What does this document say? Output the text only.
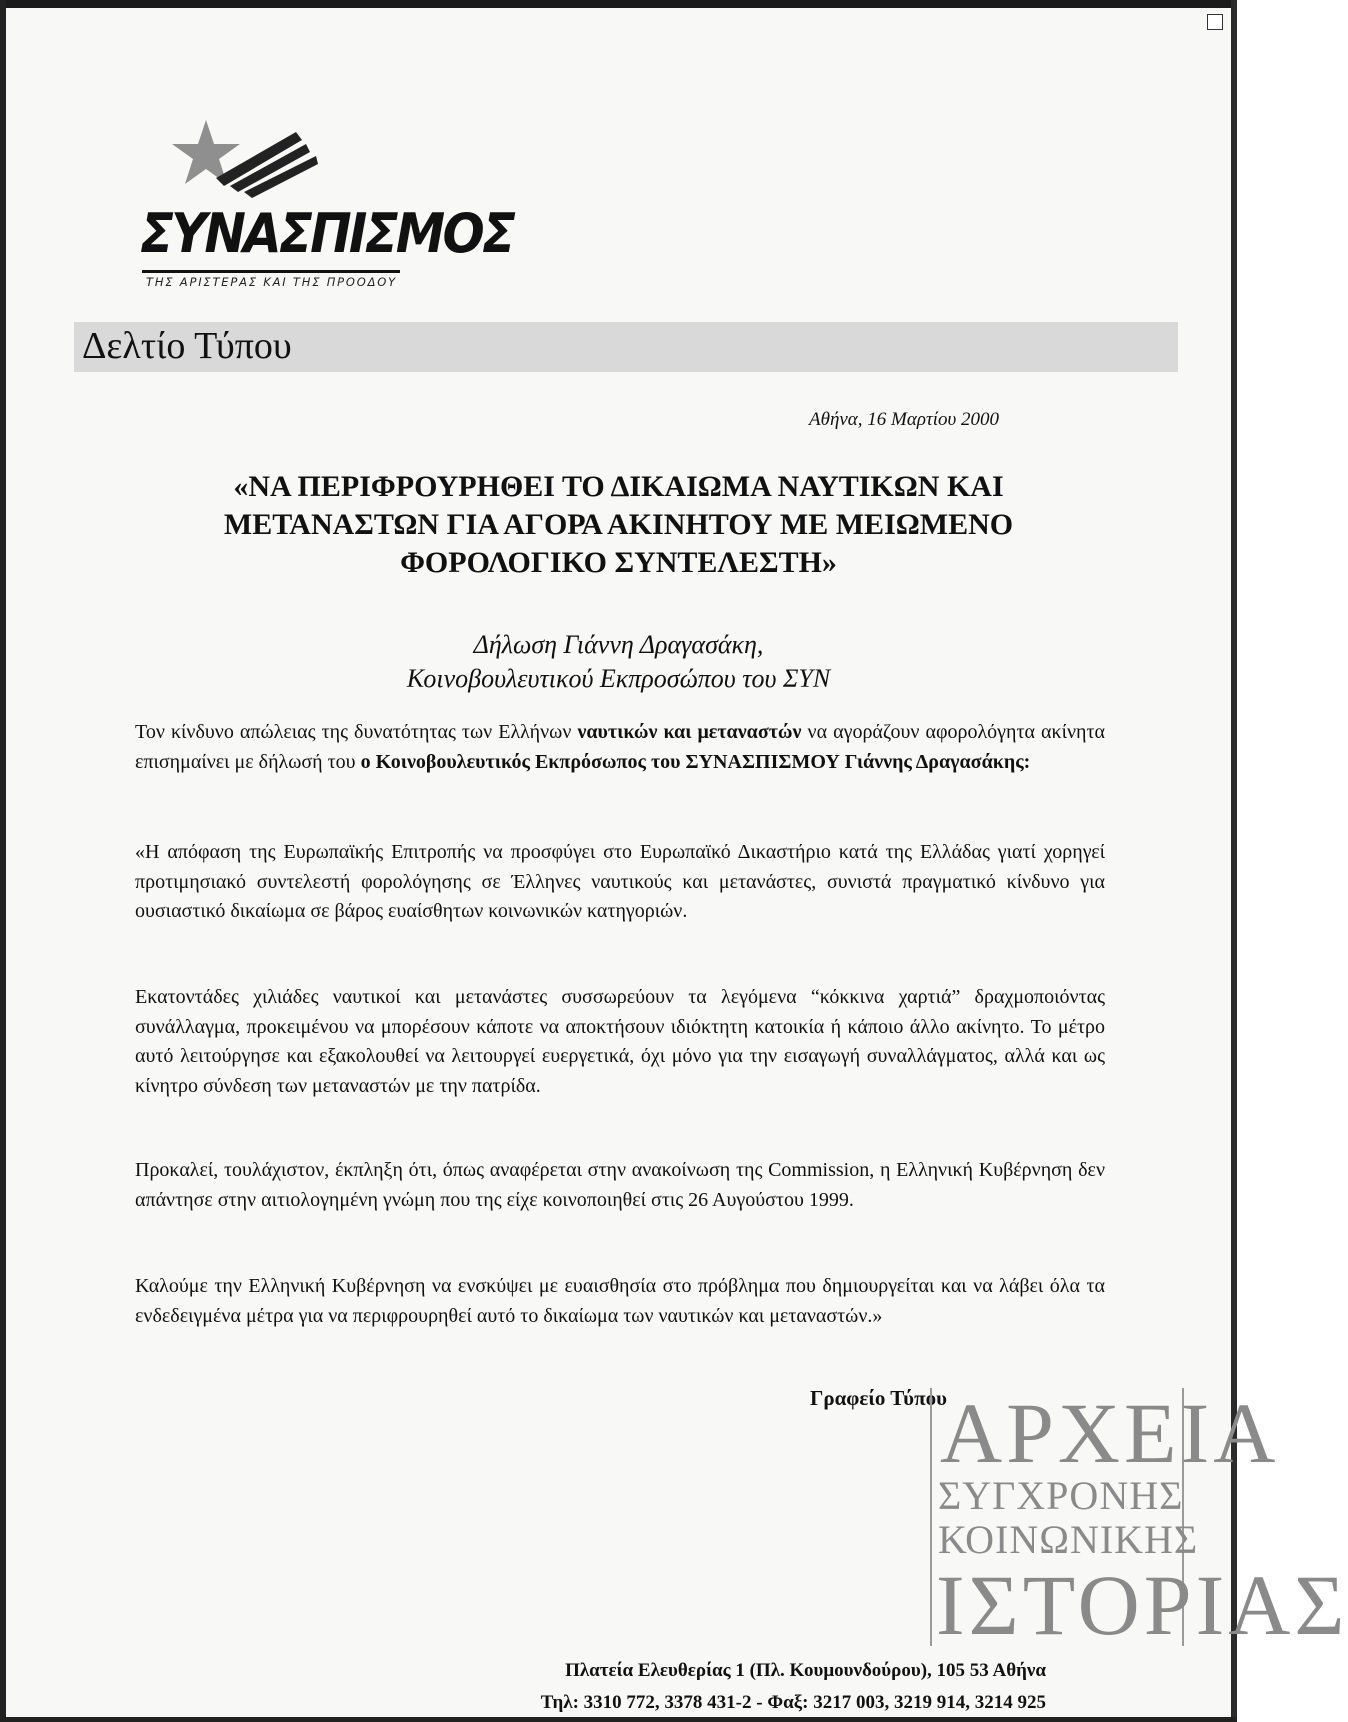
ΣΥΝΑΣΠΙΣΜΟΣ
ΤΗΣ ΑΡΙΣΤΕΡΑΣ ΚΑΙ ΤΗΣ ΠΡΟΟΔΟΥ
Δελτίο Τύπου
Αθήνα, 16 Μαρτίου 2000
«ΝΑ ΠΕΡΙΦΡΟΥΡΗΘΕΙ ΤΟ ΔΙΚΑΙΩΜΑ ΝΑΥΤΙΚΩΝ ΚΑΙ
ΜΕΤΑΝΑΣΤΩΝ ΓΙΑ ΑΓΟΡΑ ΑΚΙΝΗΤΟΥ ΜΕ ΜΕΙΩΜΕΝΟ
ΦΟΡΟΛΟΓΙΚΟ ΣΥΝΤΕΛΕΣΤΗ»
Δήλωση Γιάννη Δραγασάκη,
Κοινοβουλευτικού Εκπροσώπου του ΣΥΝ
Τον κίνδυνο απώλειας της δυνατότητας των Ελλήνων ναυτικών και μεταναστών να αγοράζουν αφορολόγητα ακίνητα επισημαίνει με δήλωσή του ο Κοινοβουλευτικός Εκπρόσωπος του ΣΥΝΑΣΠΙΣΜΟΥ Γιάννης Δραγασάκης:
«Η απόφαση της Ευρωπαϊκής Επιτροπής να προσφύγει στο Ευρωπαϊκό Δικαστήριο κατά της Ελλάδας γιατί χορηγεί προτιμησιακό συντελεστή φορολόγησης σε Έλληνες ναυτικούς και μετανάστες, συνιστά πραγματικό κίνδυνο για ουσιαστικό δικαίωμα σε βάρος ευαίσθητων κοινωνικών κατηγοριών.
Εκατοντάδες χιλιάδες ναυτικοί και μετανάστες συσσωρεύουν τα λεγόμενα “κόκκινα χαρτιά” δραχμοποιόντας συνάλλαγμα, προκειμένου να μπορέσουν κάποτε να αποκτήσουν ιδιόκτητη κατοικία ή κάποιο άλλο ακίνητο. Το μέτρο αυτό λειτούργησε και εξακολουθεί να λειτουργεί ευεργετικά, όχι μόνο για την εισαγωγή συναλλάγματος, αλλά και ως κίνητρο σύνδεση των μεταναστών με την πατρίδα.
Προκαλεί, τουλάχιστον, έκπληξη ότι, όπως αναφέρεται στην ανακοίνωση της Commission, η Ελληνική Κυβέρνηση δεν απάντησε στην αιτιολογημένη γνώμη που της είχε κοινοποιηθεί στις 26 Αυγούστου 1999.
Καλούμε την Ελληνική Κυβέρνηση να ενσκύψει με ευαισθησία στο πρόβλημα που δημιουργείται και να λάβει όλα τα ενδεδειγμένα μέτρα για να περιφρουρηθεί αυτό το δικαίωμα των ναυτικών και μεταναστών.»
Γραφείο Τύπου
ΑΡΧΕΙΑ
ΣΥΓΧΡΟΝΗΣ
ΚΟΙΝΩΝΙΚΗΣ
ΙΣΤΟΡΙΑΣ
Πλατεία Ελευθερίας 1 (Πλ. Κουμουνδούρου), 105 53 Αθήνα
Τηλ: 3310 772, 3378 431-2 - Φαξ: 3217 003, 3219 914, 3214 925
